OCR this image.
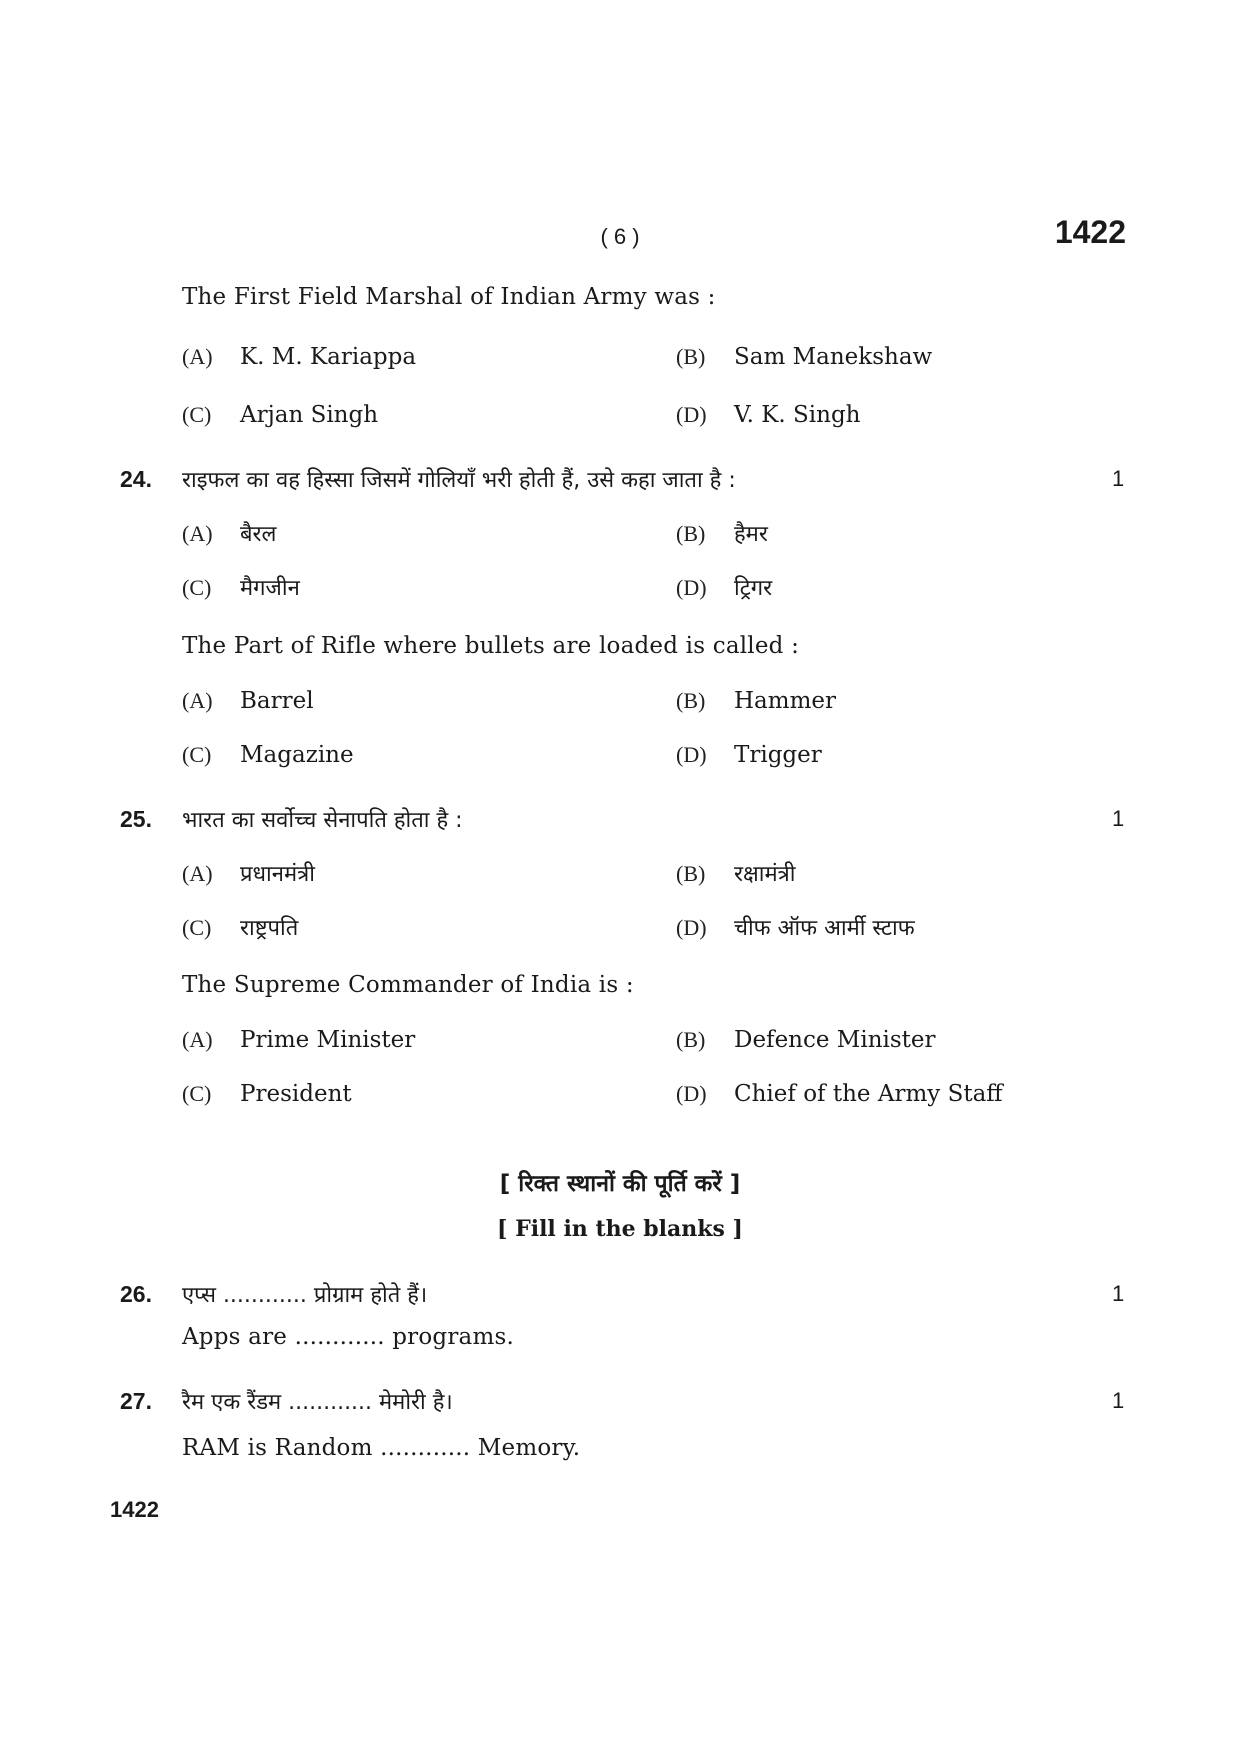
( 6 )	1422
The First Field Marshal of Indian Army was :
(A) K. M. Kariappa	(B) Sam Manekshaw
(C) Arjan Singh	(D) V. K. Singh
24. राइफल का वह हिस्सा जिसमें गोलियाँ भरी होती हैं, उसे कहा जाता है :	1
(A) बैरल	(B) हैमर
(C) मैगजीन	(D) ट्रिगर
The Part of Rifle where bullets are loaded is called :
(A) Barrel	(B) Hammer
(C) Magazine	(D) Trigger
25. भारत का सर्वोच्च सेनापति होता है :	1
(A) प्रधानमंत्री	(B) रक्षामंत्री
(C) राष्ट्रपति	(D) चीफ ऑफ आर्मी स्टाफ
The Supreme Commander of India is :
(A) Prime Minister	(B) Defence Minister
(C) President	(D) Chief of the Army Staff
[ रिक्त स्थानों की पूर्ति करें ]
[ Fill in the blanks ]
26. एप्स ............ प्रोग्राम होते हैं।	1
Apps are ............ programs.
27. रैम एक रैंडम ............ मेमोरी है।	1
RAM is Random ............ Memory.
1422
